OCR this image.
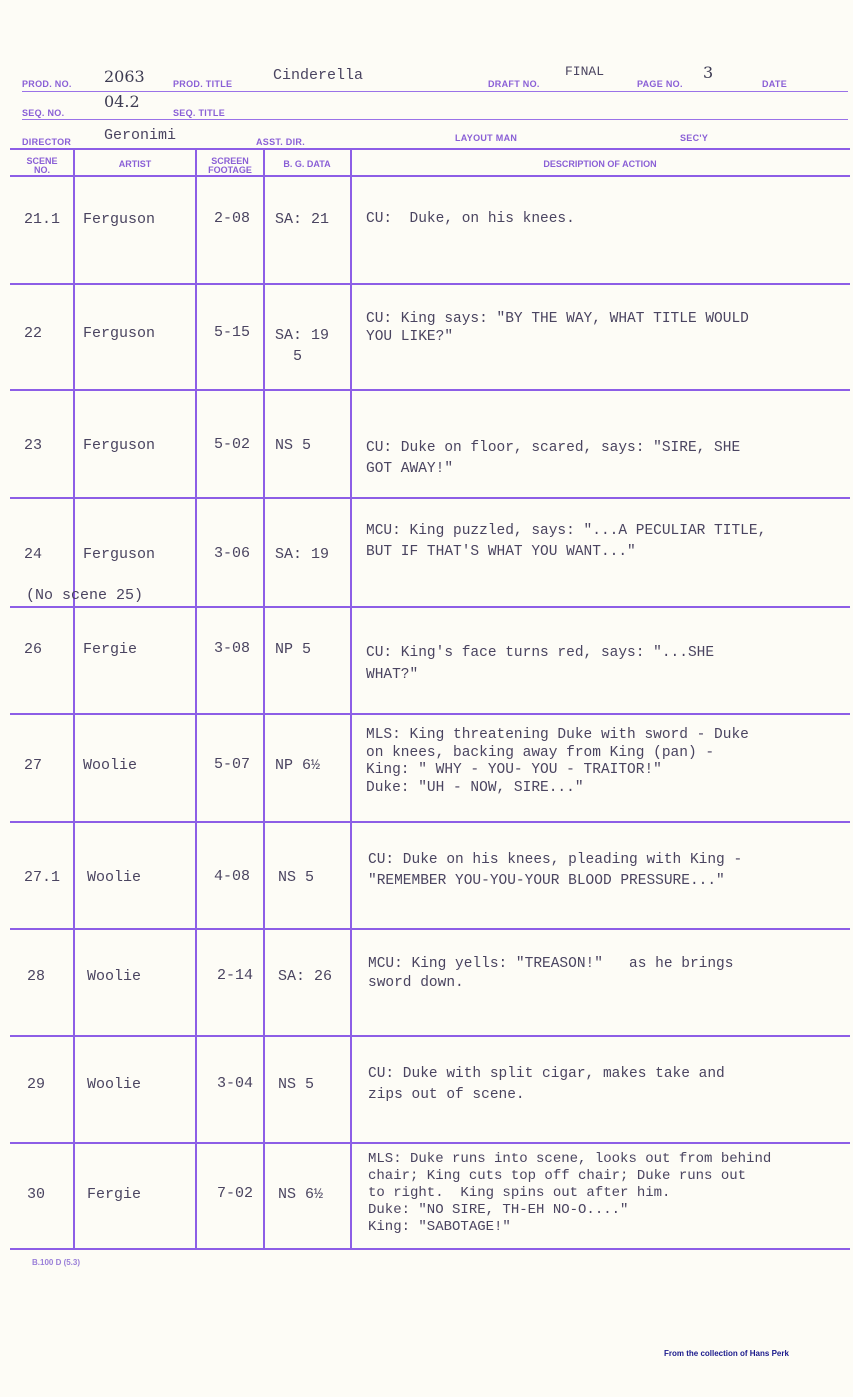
PROD. NO. 2063	PROD. TITLE	Cinderella	DRAFT NO.
FINAL
PAGE NO.
3
DATE
SEQ. NO.
04.2
SEQ. TITLE
DIRECTOR Geronimi	ASST. DIR.	LAYOUT MAN	SEC'Y
SCENE
NO.
ARTIST	SCREEN
FOOTAGE
B. G. DATA	DESCRIPTION OF ACTION
21.1 Ferguson	2-08 SA: 21	CU:  Duke, on his knees.
22	Ferguson	5-15 SA: 19
5
CU: King says: "BY THE WAY, WHAT TITLE WOULD
YOU LIKE?"
23	Ferguson	5-02 NS 5	CU: Duke on floor, scared, says: "SIRE, SHE
GOT AWAY!"
24	Ferguson	3-06 SA: 19
MCU: King puzzled, says: "...A PECULIAR TITLE,
BUT IF THAT'S WHAT YOU WANT..."
(No scene 25)
26	Fergie	3-08 NP 5	CU: King's face turns red, says: "...SHE
WHAT?"
27	Woolie	5-07 NP 6½
MLS: King threatening Duke with sword - Duke
on knees, backing away from King (pan) -
King: " WHY - YOU- YOU - TRAITOR!"
Duke: "UH - NOW, SIRE..."
27.1 Woolie	4-08 NS 5
CU: Duke on his knees, pleading with King -
"REMEMBER YOU-YOU-YOUR BLOOD PRESSURE..."
28	Woolie	2-14 SA: 26
MCU: King yells: "TREASON!"   as he brings
sword down.
29	Woolie	3-04 NS 5
CU: Duke with split cigar, makes take and
zips out of scene.
30	Fergie	7-02 NS 6½
MLS: Duke runs into scene, looks out from behind
chair; King cuts top off chair; Duke runs out
to right.  King spins out after him.
Duke: "NO SIRE, TH-EH NO-O...."
King: "SABOTAGE!"
B.100 D (5.3)
From the collection of Hans Perk
